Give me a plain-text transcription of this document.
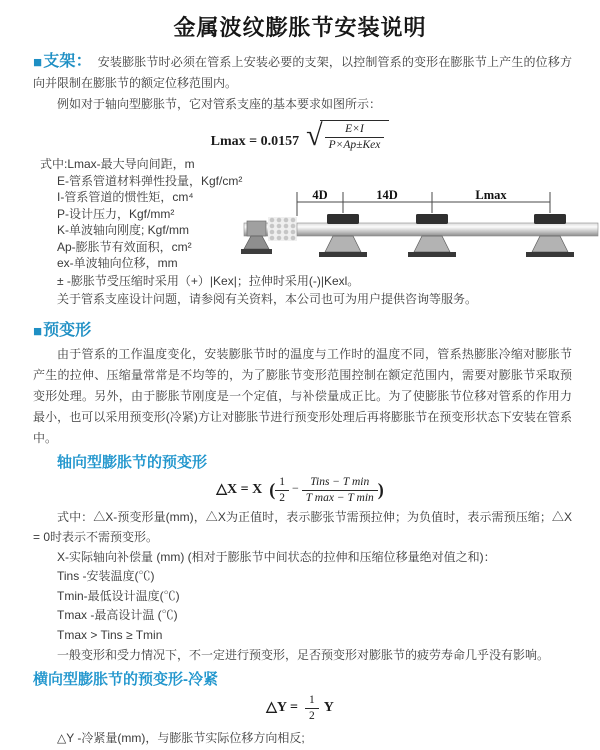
金属波纹膨胀节安装说明

■支架： 安装膨胀节时必须在管系上安装必要的支架，以控制管系的变形在膨胀节上产生的位移方向并限制在膨胀节的额定位移范围内。

例如对于轴向型膨胀节，它对管系支座的基本要求如图所示：

Lmax = 0.0157 √ $\frac{E\times I}{\text{P×Ap±Kex}}$
式中:Lmax-最大导向间距，m
E-管系管道材料弹性投量，Kgf/cm²
I-管系管道的惯性矩，cm⁴
P-设计压力，Kgf/mm²
K-单波轴向刚度; Kgf/mm
Ap-膨胀节有效面积，cm²
ex-单波轴向位移，mm
± -膨胀节受压缩时采用（+）|Kex|；拉伸时采用(-)|Kexl。
关于管系支座设计问题，请参阅有关资料，本公司也可为用户提供咨询等服务。
4D	14D	Lmax
■预变形

由于管系的工作温度变化，安装膨胀节时的温度与工作时的温度不同，管系热膨胀冷缩对膨胀节产生的拉伸、压缩量常常是不均等的，为了膨胀节变形范围控制在额定范围内，需要对膨胀节采取预变形处理。另外，由于膨胀节刚度是一个定值，与补偿量成正比。为了使膨胀节位移对管系的作用力最小，也可以采用预变形(冷紧)方让对膨胀节进行预变形处理后再将膨胀节在预变形状态下安装在管系中。

轴向型膨胀节的预变形
△X = X ( $\frac{1}{2} - \frac{\text{Tins − T min}}{\text{T max − T min}}$ )

式中：△X-预变形量(mm)，△X为正值时，表示膨张节需预拉伸；为负值时，表示需预压缩；△X = 0时表示不需预变形。

X-实际轴向补偿量 (mm) (相对于膨胀节中间状态的拉伸和压缩位移量绝对值之和)：
Tins -安装温度(℃)
Tmin-最低设计温度(℃)
Tmax -最高设计温 (℃)
Tmax > Tins ≥ Tmin

一般变形和受力情况下，不一定进行预变形，足否预变形对膨胀节的疲劳寿命几乎没有影响。

横向型膨胀节的预变形-冷紧
△Y = $\frac{1}{2}$ Y

△Y -冷紧量(mm)，与膨胀节实际位移方向相反;
